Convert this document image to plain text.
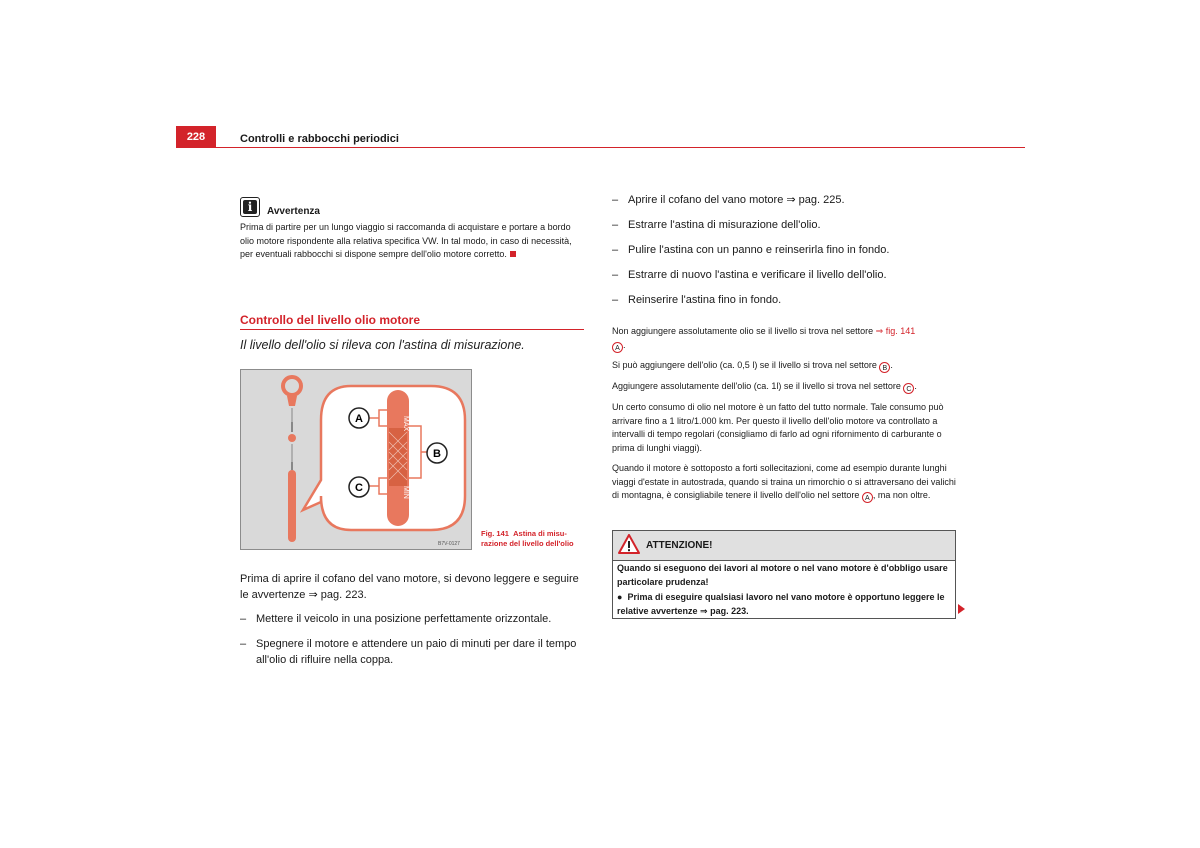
228	Controlli e rabbocchi periodici
i	Avvertenza
Prima di partire per un lungo viaggio si raccomanda di acquistare e portare a bordo olio motore rispondente alla relativa specifica VW. In tal modo, in caso di necessità, per eventuali rabbocchi si dispone sempre dell'olio motore corretto.
Controllo del livello olio motore
Il livello dell'olio si rileva con l'astina di misurazione.
MAX
MIN
A
B
C
B7V-0127
Fig. 141 Astina di misu-razione del livello dell'olio
Prima di aprire il cofano del vano motore, si devono leggere e seguire le avvertenze ⇒ pag. 223.
– Mettere il veicolo in una posizione perfettamente orizzontale.
– Spegnere il motore e attendere un paio di minuti per dare il tempo all'olio di rifluire nella coppa.
– Aprire il cofano del vano motore ⇒ pag. 225.
– Estrarre l'astina di misurazione dell'olio.
– Pulire l'astina con un panno e reinserirla fino in fondo.
– Estrarre di nuovo l'astina e verificare il livello dell'olio.
– Reinserire l'astina fino in fondo.
Non aggiungere assolutamente olio se il livello si trova nel settore ⇒ fig. 141
A .
Si può aggiungere dell'olio (ca. 0,5 l) se il livello si trova nel settore B .
Aggiungere assolutamente dell'olio (ca. 1l) se il livello si trova nel settore C .
Un certo consumo di olio nel motore è un fatto del tutto normale. Tale consumo può arrivare fino a 1 litro/1.000 km. Per questo il livello dell'olio motore va controllato a intervalli di tempo regolari (consigliamo di farlo ad ogni rifornimento di carburante o prima di lunghi viaggi).
Quando il motore è sottoposto a forti sollecitazioni, come ad esempio durante lunghi viaggi d'estate in autostrada, quando si traina un rimorchio o si attraversano dei valichi di montagna, è consigliabile tenere il livello dell'olio nel settore A , ma non oltre.
ATTENZIONE!
Quando si eseguono dei lavori al motore o nel vano motore è d'obbligo usare particolare prudenza!
● Prima di eseguire qualsiasi lavoro nel vano motore è opportuno leggere le relative avvertenze ⇒ pag. 223.
